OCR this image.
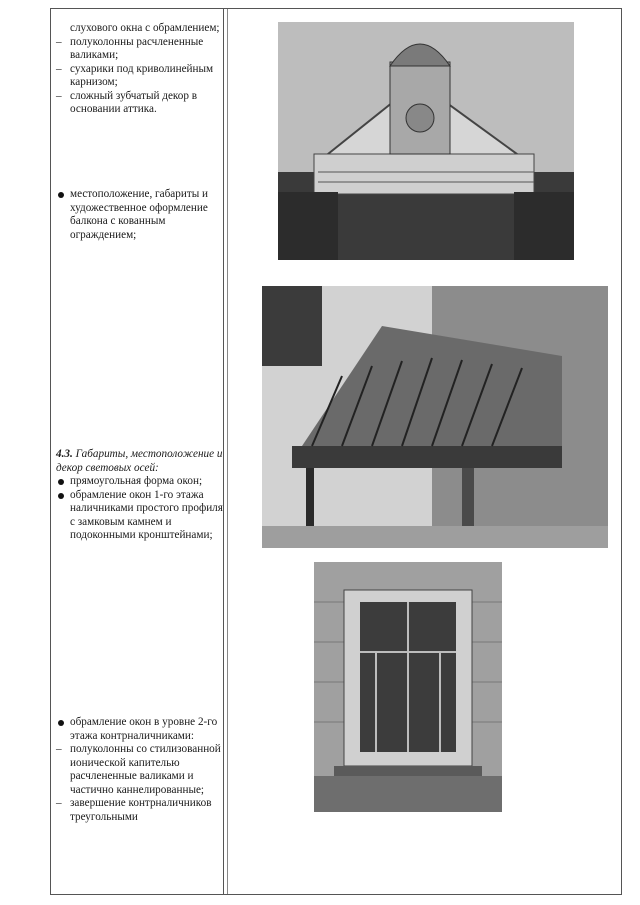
слухового окна с обрамлением;

– полуколонны расчлененные валиками;

– сухарики под криволинейным карнизом;

– сложный зубчатый декор в основании аттика.

местоположение, габариты и художественное оформление балкона с кованным ограждением;

4.3. Габариты, местоположение и декор световых осей:

прямоугольная форма окон;

обрамление окон 1-го этажа наличниками простого профиля с замковым камнем и подоконными кронштейнами;

обрамление окон в уровне 2-го этажа контрналичниками:

– полуколонны со стилизованной ионической капителью расчлененные валиками и частично каннелированные;

– завершение контрналичников треугольными
